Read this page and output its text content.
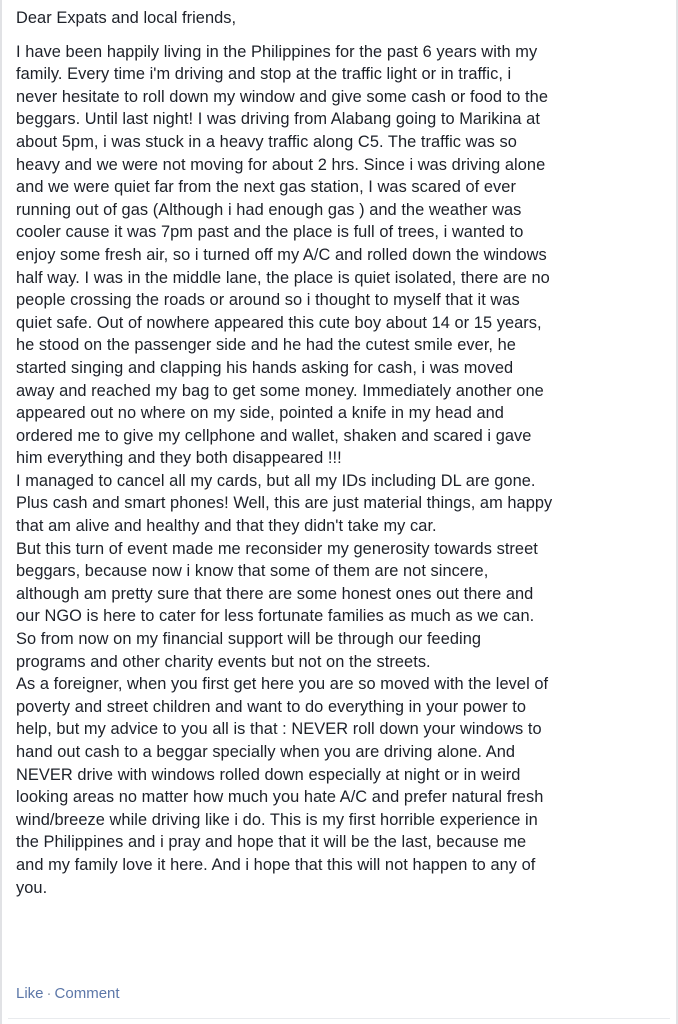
Dear Expats and local friends,
I have been happily living in the Philippines for the past 6 years with my
family. Every time i'm driving and stop at the traffic light or in traffic, i
never hesitate to roll down my window and give some cash or food to the
beggars. Until last night! I was driving from Alabang going to Marikina at
about 5pm, i was stuck in a heavy traffic along C5. The traffic was so
heavy and we were not moving for about 2 hrs. Since i was driving alone
and we were quiet far from the next gas station, I was scared of ever
running out of gas (Although i had enough gas ) and the weather was
cooler cause it was 7pm past and the place is full of trees, i wanted to
enjoy some fresh air, so i turned off my A/C and rolled down the windows
half way. I was in the middle lane, the place is quiet isolated, there are no
people crossing the roads or around so i thought to myself that it was
quiet safe. Out of nowhere appeared this cute boy about 14 or 15 years,
he stood on the passenger side and he had the cutest smile ever, he
started singing and clapping his hands asking for cash, i was moved
away and reached my bag to get some money. Immediately another one
appeared out no where on my side, pointed a knife in my head and
ordered me to give my cellphone and wallet, shaken and scared i gave
him everything and they both disappeared !!!
I managed to cancel all my cards, but all my IDs including DL are gone.
Plus cash and smart phones! Well, this are just material things, am happy
that am alive and healthy and that they didn't take my car.
But this turn of event made me reconsider my generosity towards street
beggars, because now i know that some of them are not sincere,
although am pretty sure that there are some honest ones out there and
our NGO is here to cater for less fortunate families as much as we can.
So from now on my financial support will be through our feeding
programs and other charity events but not on the streets.
As a foreigner, when you first get here you are so moved with the level of
poverty and street children and want to do everything in your power to
help, but my advice to you all is that : NEVER roll down your windows to
hand out cash to a beggar specially when you are driving alone. And
NEVER drive with windows rolled down especially at night or in weird
looking areas no matter how much you hate A/C and prefer natural fresh
wind/breeze while driving like i do. This is my first horrible experience in
the Philippines and i pray and hope that it will be the last, because me
and my family love it here. And i hope that this will not happen to any of
you.
Like · Comment
